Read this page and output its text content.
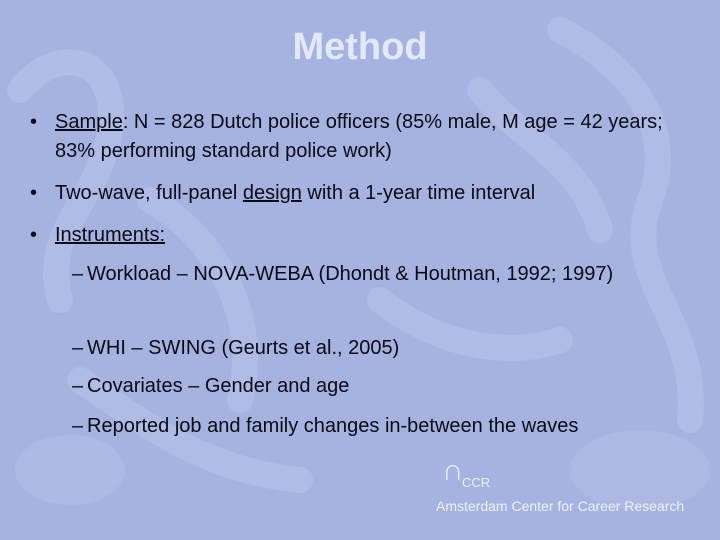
Method
• Sample: N = 828 Dutch police officers (85% male, M age = 42 years; 83% performing standard police work)
• Two-wave, full-panel design with a 1-year time interval
• Instruments:
– Workload – NOVA-WEBA (Dhondt & Houtman, 1992; 1997)
– WHI – SWING (Geurts et al., 2005)
– Covariates – Gender and age
– Reported job and family changes in-between the waves
∩
CCR
Amsterdam Center for Career Research
